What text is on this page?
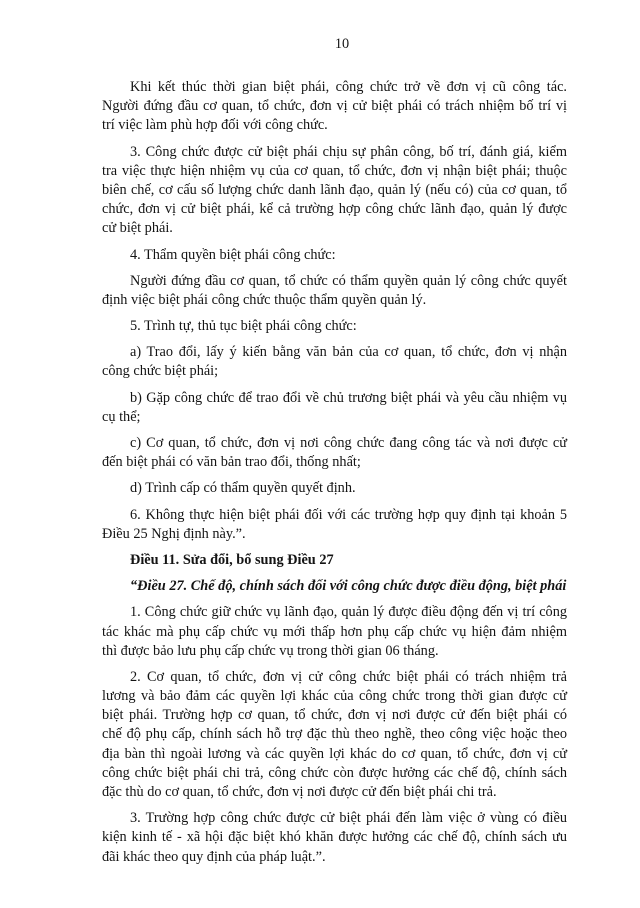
10
Khi kết thúc thời gian biệt phái, công chức trở về đơn vị cũ công tác.
Người đứng đầu cơ quan, tổ chức, đơn vị cử biệt phái có trách nhiệm bố trí vị
trí việc làm phù hợp đối với công chức.
3. Công chức được cử biệt phái chịu sự phân công, bố trí, đánh giá, kiểm
tra việc thực hiện nhiệm vụ của cơ quan, tổ chức, đơn vị nhận biệt phái; thuộc
biên chế, cơ cấu số lượng chức danh lãnh đạo, quản lý (nếu có) của cơ quan, tổ
chức, đơn vị cử biệt phái, kể cả trường hợp công chức lãnh đạo, quản lý được
cử biệt phái.
4. Thẩm quyền biệt phái công chức:
Người đứng đầu cơ quan, tổ chức có thẩm quyền quản lý công chức quyết
định việc biệt phái công chức thuộc thẩm quyền quản lý.
5. Trình tự, thủ tục biệt phái công chức:
a) Trao đổi, lấy ý kiến bằng văn bản của cơ quan, tổ chức, đơn vị nhận
công chức biệt phái;
b) Gặp công chức để trao đổi về chủ trương biệt phái và yêu cầu nhiệm vụ
cụ thể;
c) Cơ quan, tổ chức, đơn vị nơi công chức đang công tác và nơi được cử
đến biệt phái có văn bản trao đổi, thống nhất;
d) Trình cấp có thẩm quyền quyết định.
6. Không thực hiện biệt phái đối với các trường hợp quy định tại khoản 5
Điều 25 Nghị định này.”.
Điều 11. Sửa đổi, bổ sung Điều 27
“Điều 27. Chế độ, chính sách đối với công chức được điều động, biệt phái
1. Công chức giữ chức vụ lãnh đạo, quản lý được điều động đến vị trí công
tác khác mà phụ cấp chức vụ mới thấp hơn phụ cấp chức vụ hiện đảm nhiệm
thì được bảo lưu phụ cấp chức vụ trong thời gian 06 tháng.
2. Cơ quan, tổ chức, đơn vị cử công chức biệt phái có trách nhiệm trả
lương và bảo đảm các quyền lợi khác của công chức trong thời gian được cử
biệt phái. Trường hợp cơ quan, tổ chức, đơn vị nơi được cử đến biệt phái có
chế độ phụ cấp, chính sách hỗ trợ đặc thù theo nghề, theo công việc hoặc theo
địa bàn thì ngoài lương và các quyền lợi khác do cơ quan, tổ chức, đơn vị cử
công chức biệt phái chi trả, công chức còn được hưởng các chế độ, chính sách
đặc thù do cơ quan, tổ chức, đơn vị nơi được cử đến biệt phái chi trả.
3. Trường hợp công chức được cử biệt phái đến làm việc ở vùng có điều
kiện kinh tế - xã hội đặc biệt khó khăn được hưởng các chế độ, chính sách ưu
đãi khác theo quy định của pháp luật.”.
